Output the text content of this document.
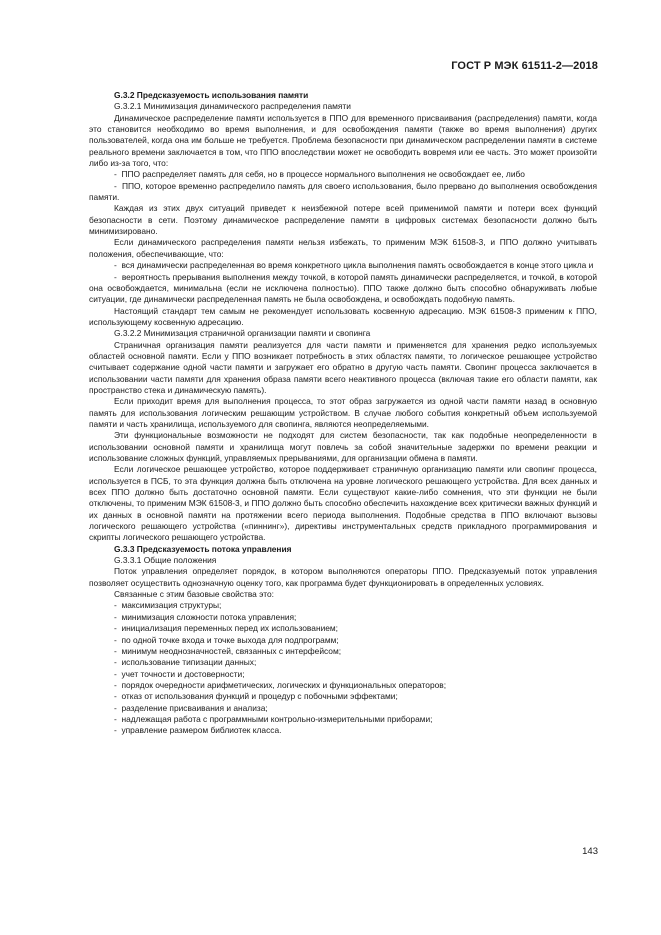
ГОСТ Р МЭК 61511-2—2018

G.3.2 Предсказуемость использования памяти

G.3.2.1 Минимизация динамического распределения памяти

Динамическое распределение памяти используется в ППО для временного присваивания (распределения) памяти, когда это становится необходимо во время выполнения, и для освобождения памяти (также во время выполнения) других пользователей, когда она им больше не требуется. Проблема безопасности при динамическом распределении памяти в системе реального времени заключается в том, что ППО впоследствии может не освободить вовремя или ее часть. Это может произойти либо из-за того, что:

-  ППО распределяет память для себя, но в процессе нормального выполнения не освобождает ее, либо

-  ППО, которое временно распределило память для своего использования, было прервано до выполнения освобождения памяти.

Каждая из этих двух ситуаций приведет к неизбежной потере всей применимой памяти и потери всех функций безопасности в сети. Поэтому динамическое распределение памяти в цифровых системах безопасности должно быть минимизировано.

Если динамического распределения памяти нельзя избежать, то применим МЭК 61508-3, и ППО должно учитывать положения, обеспечивающие, что:

-  вся динамически распределенная во время конкретного цикла выполнения память освобождается в конце этого цикла и

-  вероятность прерывания выполнения между точкой, в которой память динамически распределяется, и точкой, в которой она освобождается, минимальна (если не исключена полностью). ППО также должно быть способно обнаруживать любые ситуации, где динамически распределенная память не была освобождена, и освобождать подобную память.

Настоящий стандарт тем самым не рекомендует использовать косвенную адресацию. МЭК 61508-3 применим к ППО, использующему косвенную адресацию.

G.3.2.2 Минимизация страничной организации памяти и свопинга

Страничная организация памяти реализуется для части памяти и применяется для хранения редко используемых областей основной памяти. Если у ППО возникает потребность в этих областях памяти, то логическое решающее устройство считывает содержание одной части памяти и загружает его обратно в другую часть памяти. Свопинг процесса заключается в использовании части памяти для хранения образа памяти всего неактивного процесса (включая такие его области памяти, как пространство стека и динамическую память).

Если приходит время для выполнения процесса, то этот образ загружается из одной части памяти назад в основную память для использования логическим решающим устройством. В случае любого события конкретный объем используемой памяти и часть хранилища, используемого для свопинга, являются неопределяемыми.

Эти функциональные возможности не подходят для систем безопасности, так как подобные неопределенности в использовании основной памяти и хранилища могут повлечь за собой значительные задержки по времени реакции и использование сложных функций, управляемых прерываниями, для организации обмена в памяти.

Если логическое решающее устройство, которое поддерживает страничную организацию памяти или свопинг процесса, используется в ПСБ, то эта функция должна быть отключена на уровне логического решающего устройства. Для всех данных и всех ППО должно быть достаточно основной памяти. Если существуют какие-либо сомнения, что эти функции не были отключены, то применим МЭК 61508-3, и ППО должно быть способно обеспечить нахождение всех критически важных функций и их данных в основной памяти на протяжении всего периода выполнения. Подобные средства в ППО включают вызовы логического решающего устройства («пиннинг»), директивы инструментальных средств прикладного программирования и скрипты логического решающего устройства.

G.3.3 Предсказуемость потока управления

G.3.3.1 Общие положения

Поток управления определяет порядок, в котором выполняются операторы ППО. Предсказуемый поток управления позволяет осуществить однозначную оценку того, как программа будет функционировать в определенных условиях.

Связанные с этим базовые свойства это:

-  максимизация структуры;

-  минимизация сложности потока управления;

-  инициализация переменных перед их использованием;

-  по одной точке входа и точке выхода для подпрограмм;

-  минимум неоднозначностей, связанных с интерфейсом;

-  использование типизации данных;

-  учет точности и достоверности;

-  порядок очередности арифметических, логических и функциональных операторов;

-  отказ от использования функций и процедур с побочными эффектами;

-  разделение присваивания и анализа;

-  надлежащая работа с программными контрольно-измерительными приборами;

-  управление размером библиотек класса.

143
